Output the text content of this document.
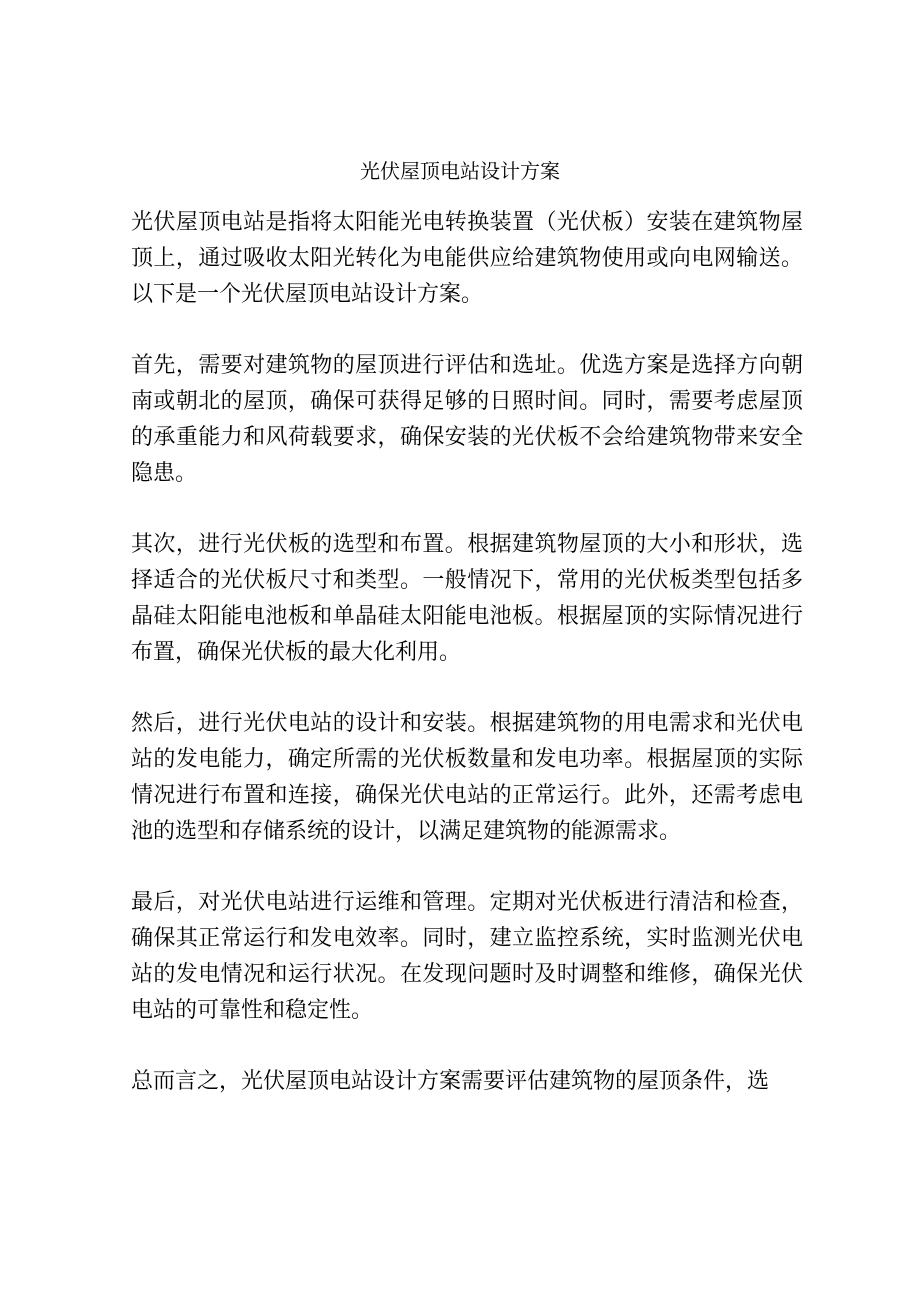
光伏屋顶电站设计方案

光伏屋顶电站是指将太阳能光电转换装置（光伏板）安装在建筑物屋顶上，通过吸收太阳光转化为电能供应给建筑物使用或向电网输送。以下是一个光伏屋顶电站设计方案。

首先，需要对建筑物的屋顶进行评估和选址。优选方案是选择方向朝南或朝北的屋顶，确保可获得足够的日照时间。同时，需要考虑屋顶的承重能力和风荷载要求，确保安装的光伏板不会给建筑物带来安全隐患。

其次，进行光伏板的选型和布置。根据建筑物屋顶的大小和形状，选择适合的光伏板尺寸和类型。一般情况下，常用的光伏板类型包括多晶硅太阳能电池板和单晶硅太阳能电池板。根据屋顶的实际情况进行布置，确保光伏板的最大化利用。

然后，进行光伏电站的设计和安装。根据建筑物的用电需求和光伏电站的发电能力，确定所需的光伏板数量和发电功率。根据屋顶的实际情况进行布置和连接，确保光伏电站的正常运行。此外，还需考虑电池的选型和存储系统的设计，以满足建筑物的能源需求。

最后，对光伏电站进行运维和管理。定期对光伏板进行清洁和检查，确保其正常运行和发电效率。同时，建立监控系统，实时监测光伏电站的发电情况和运行状况。在发现问题时及时调整和维修，确保光伏电站的可靠性和稳定性。

总而言之，光伏屋顶电站设计方案需要评估建筑物的屋顶条件，选
